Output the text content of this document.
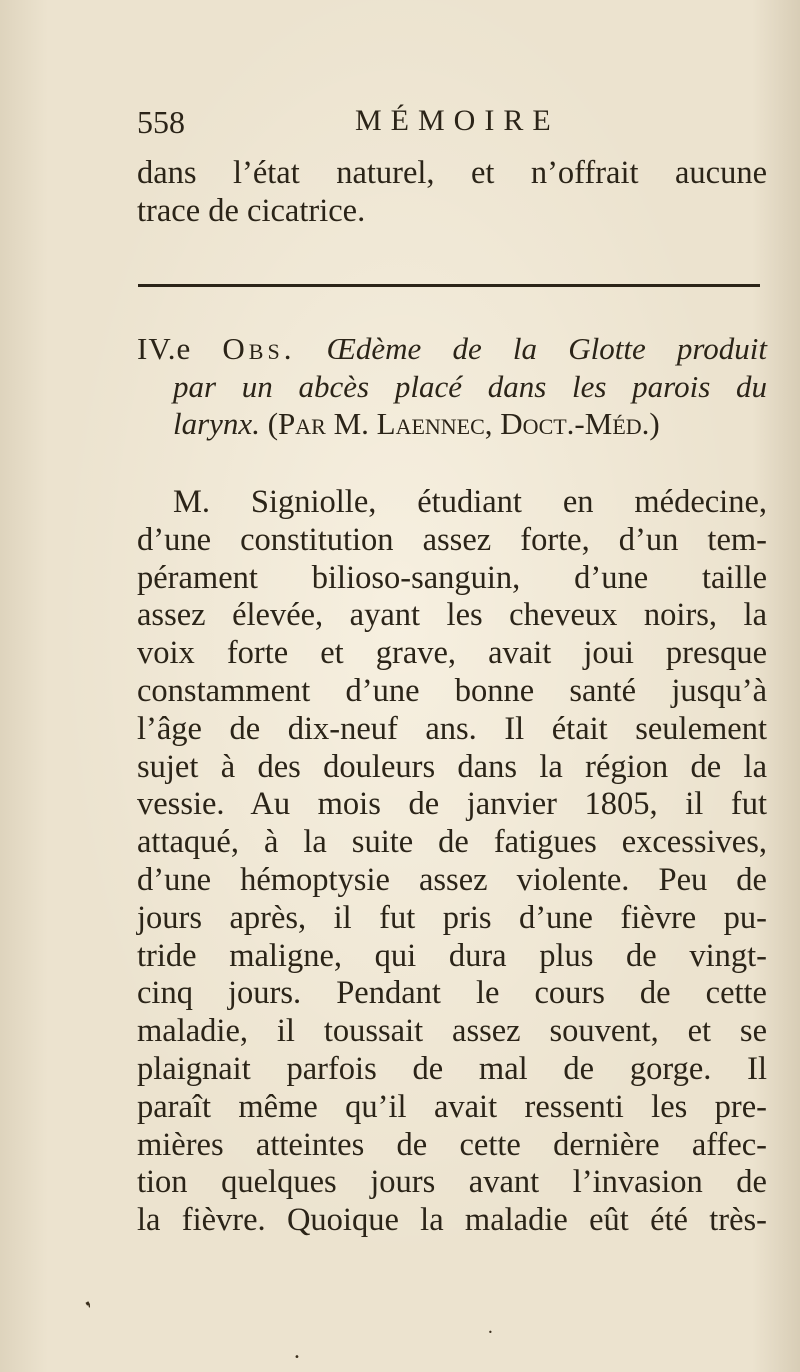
558	MÉMOIRE
dans l’état naturel, et n’offrait aucune
trace de cicatrice.
IV.e Obs. Œdème de la Glotte produit
par un abcès placé dans les parois du
larynx. (Par M. Laennec, Doct.-Méd.)
M. Signiolle, étudiant en médecine,
d’une constitution assez forte, d’un tem-
pérament bilioso-sanguin, d’une taille
assez élevée, ayant les cheveux noirs, la
voix forte et grave, avait joui presque
constamment d’une bonne santé jusqu’à
l’âge de dix-neuf ans. Il était seulement
sujet à des douleurs dans la région de la
vessie. Au mois de janvier 1805, il fut
attaqué, à la suite de fatigues excessives,
d’une hémoptysie assez violente. Peu de
jours après, il fut pris d’une fièvre pu-
tride maligne, qui dura plus de vingt-
cinq jours. Pendant le cours de cette
maladie, il toussait assez souvent, et se
plaignait parfois de mal de gorge. Il
paraît même qu’il avait ressenti les pre-
mières atteintes de cette dernière affec-
tion quelques jours avant l’invasion de
la fièvre. Quoique la maladie eût été très-
❜
•
•
